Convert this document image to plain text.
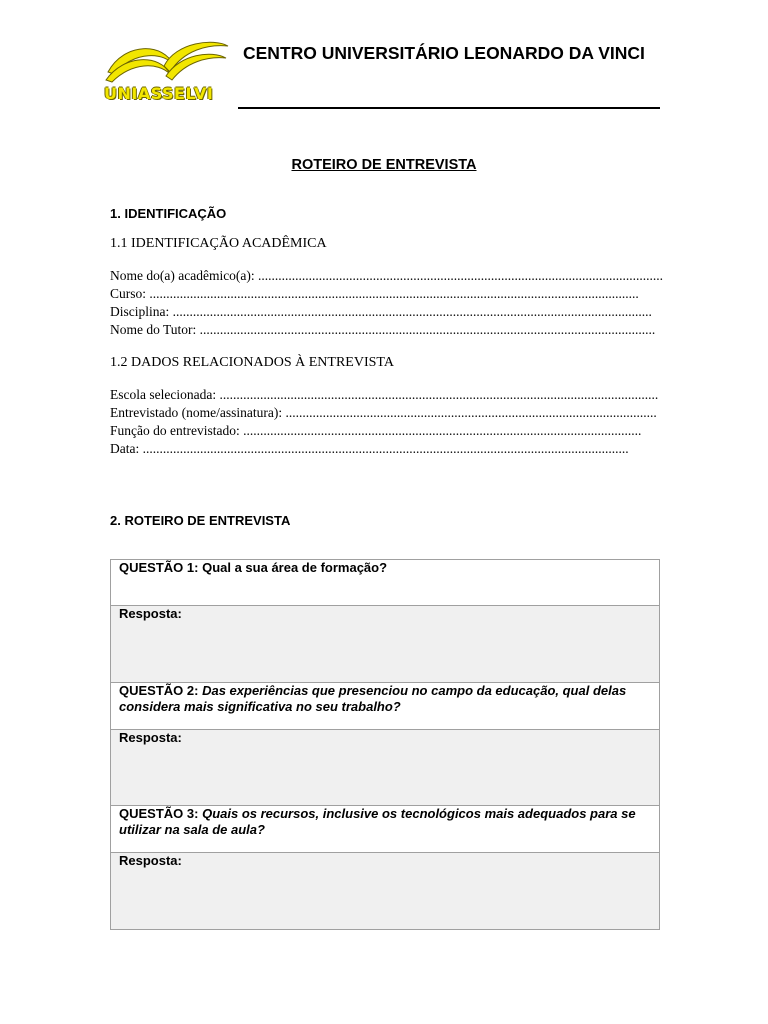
UNIASSELVI
CENTRO UNIVERSITÁRIO LEONARDO DA VINCI
ROTEIRO DE ENTREVISTA
1. IDENTIFICAÇÃO
1.1 IDENTIFICAÇÃO ACADÊMICA
Nome do(a) acadêmico(a): ........................................................................................................................
Curso: .................................................................................................................................................
Disciplina: ..............................................................................................................................................
Nome do Tutor: .......................................................................................................................................
1.2 DADOS RELACIONADOS À ENTREVISTA
Escola selecionada: ..................................................................................................................................
Entrevistado (nome/assinatura): ..............................................................................................................
Função do entrevistado: ......................................................................................................................
Data: ................................................................................................................................................
2. ROTEIRO DE ENTREVISTA
QUESTÃO 1: Qual a sua área de formação?
Resposta:
QUESTÃO 2: Das experiências que presenciou no campo da educação, qual delas considera mais significativa no seu trabalho?
Resposta:
QUESTÃO 3: Quais os recursos, inclusive os tecnológicos mais adequados para se utilizar na sala de aula?
Resposta:
